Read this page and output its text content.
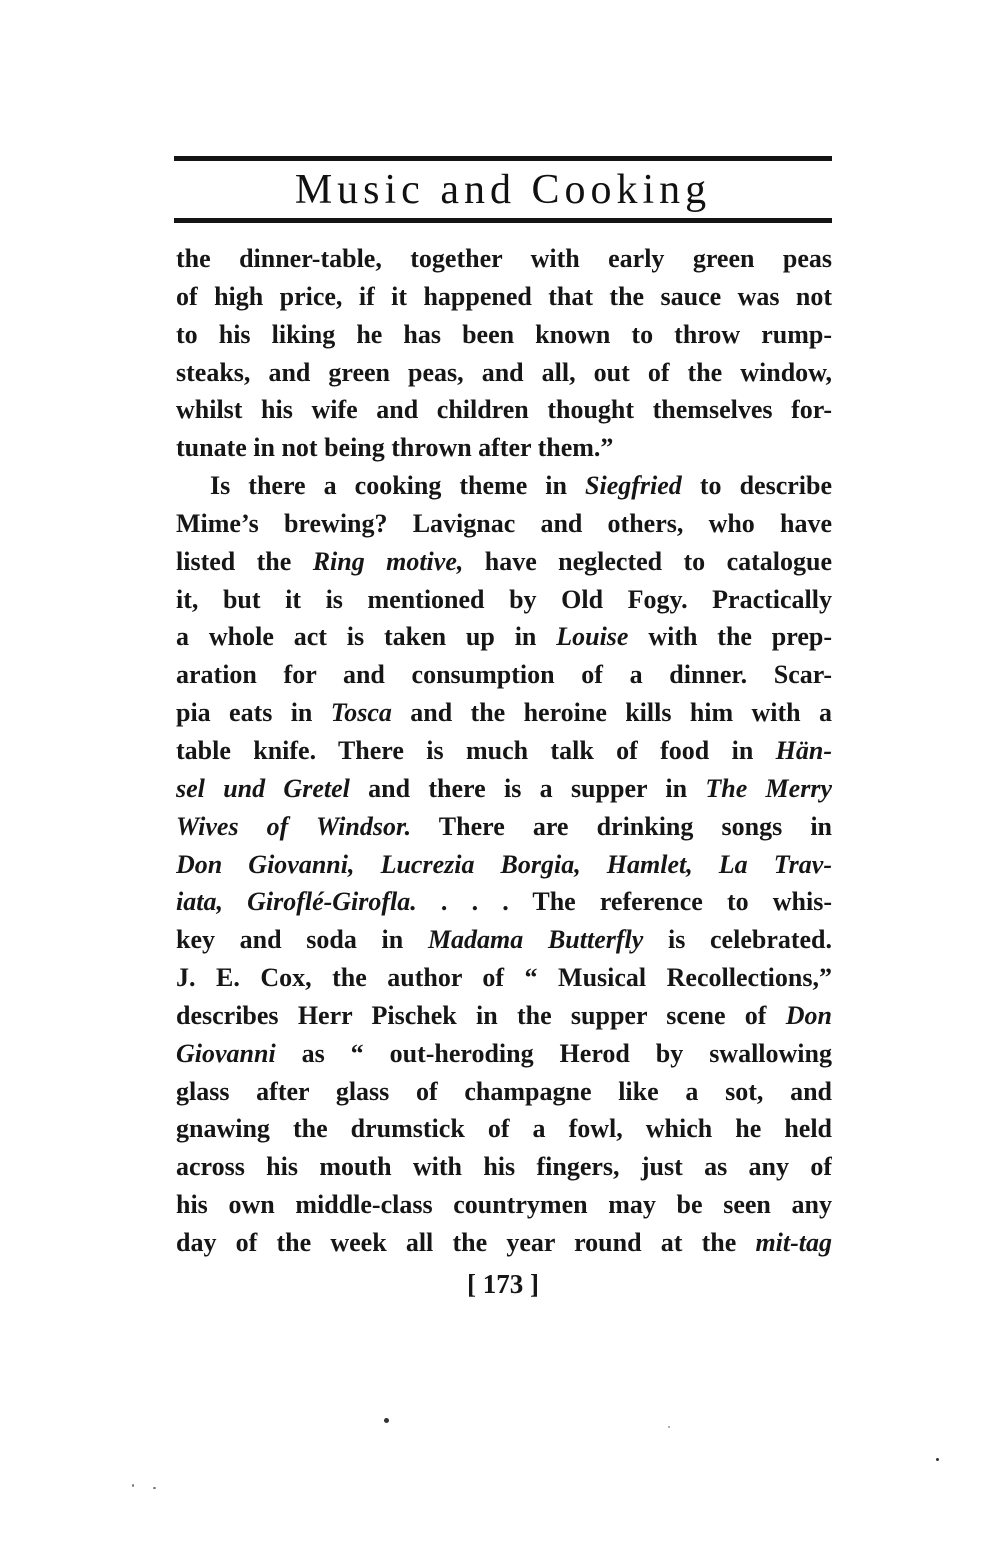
Music and Cooking
the dinner-table, together with early green peas
of high price, if it happened that the sauce was not
to his liking he has been known to throw rump-
steaks, and green peas, and all, out of the window,
whilst his wife and children thought themselves for-
tunate in not being thrown after them.”
Is there a cooking theme in Siegfried to describe
Mime’s brewing? Lavignac and others, who have
listed the Ring motive, have neglected to catalogue
it, but it is mentioned by Old Fogy. Practically
a whole act is taken up in Louise with the prep-
aration for and consumption of a dinner. Scar-
pia eats in Tosca and the heroine kills him with a
table knife. There is much talk of food in Hän-
sel und Gretel and there is a supper in The Merry
Wives of Windsor. There are drinking songs in
Don Giovanni, Lucrezia Borgia, Hamlet, La Trav-
iata, Giroflé-Girofla. . . . The reference to whis-
key and soda in Madama Butterfly is celebrated.
J. E. Cox, the author of “ Musical Recollections,”
describes Herr Pischek in the supper scene of Don
Giovanni as “ out-heroding Herod by swallowing
glass after glass of champagne like a sot, and
gnawing the drumstick of a fowl, which he held
across his mouth with his fingers, just as any of
his own middle-class countrymen may be seen any
day of the week all the year round at the mit-tag
[ 173 ]
